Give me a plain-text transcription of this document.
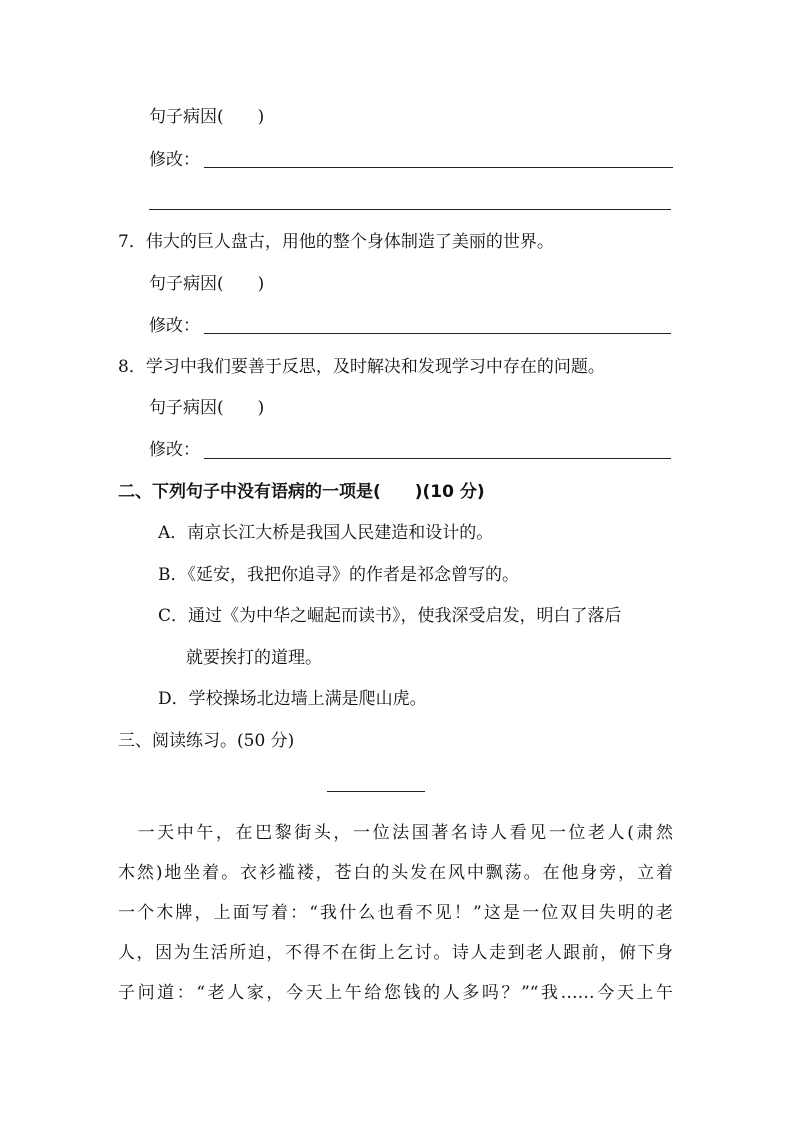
句子病因(　　)
修改：
7．伟大的巨人盘古，用他的整个身体制造了美丽的世界。
句子病因(　　)
修改：
8．学习中我们要善于反思，及时解决和发现学习中存在的问题。
句子病因(　　)
修改：
二、下列句子中没有语病的一项是(　　)(10 分)
A．南京长江大桥是我国人民建造和设计的。
B．《延安，我把你追寻》的作者是祁念曾写的。
C．通过《为中华之崛起而读书》，使我深受启发，明白了落后
就要挨打的道理。
D．学校操场北边墙上满是爬山虎。
三、阅读练习。(50 分)
　一天中午，在巴黎街头，一位法国著名诗人看见一位老人(肃然
木然)地坐着。衣衫褴褛，苍白的头发在风中飘荡。在他身旁，立着
一个木牌，上面写着：“我什么也看不见！”这是一位双目失明的老
人，因为生活所迫，不得不在街上乞讨。诗人走到老人跟前，俯下身
子问道：“老人家，今天上午给您钱的人多吗？”“我……今天上午
